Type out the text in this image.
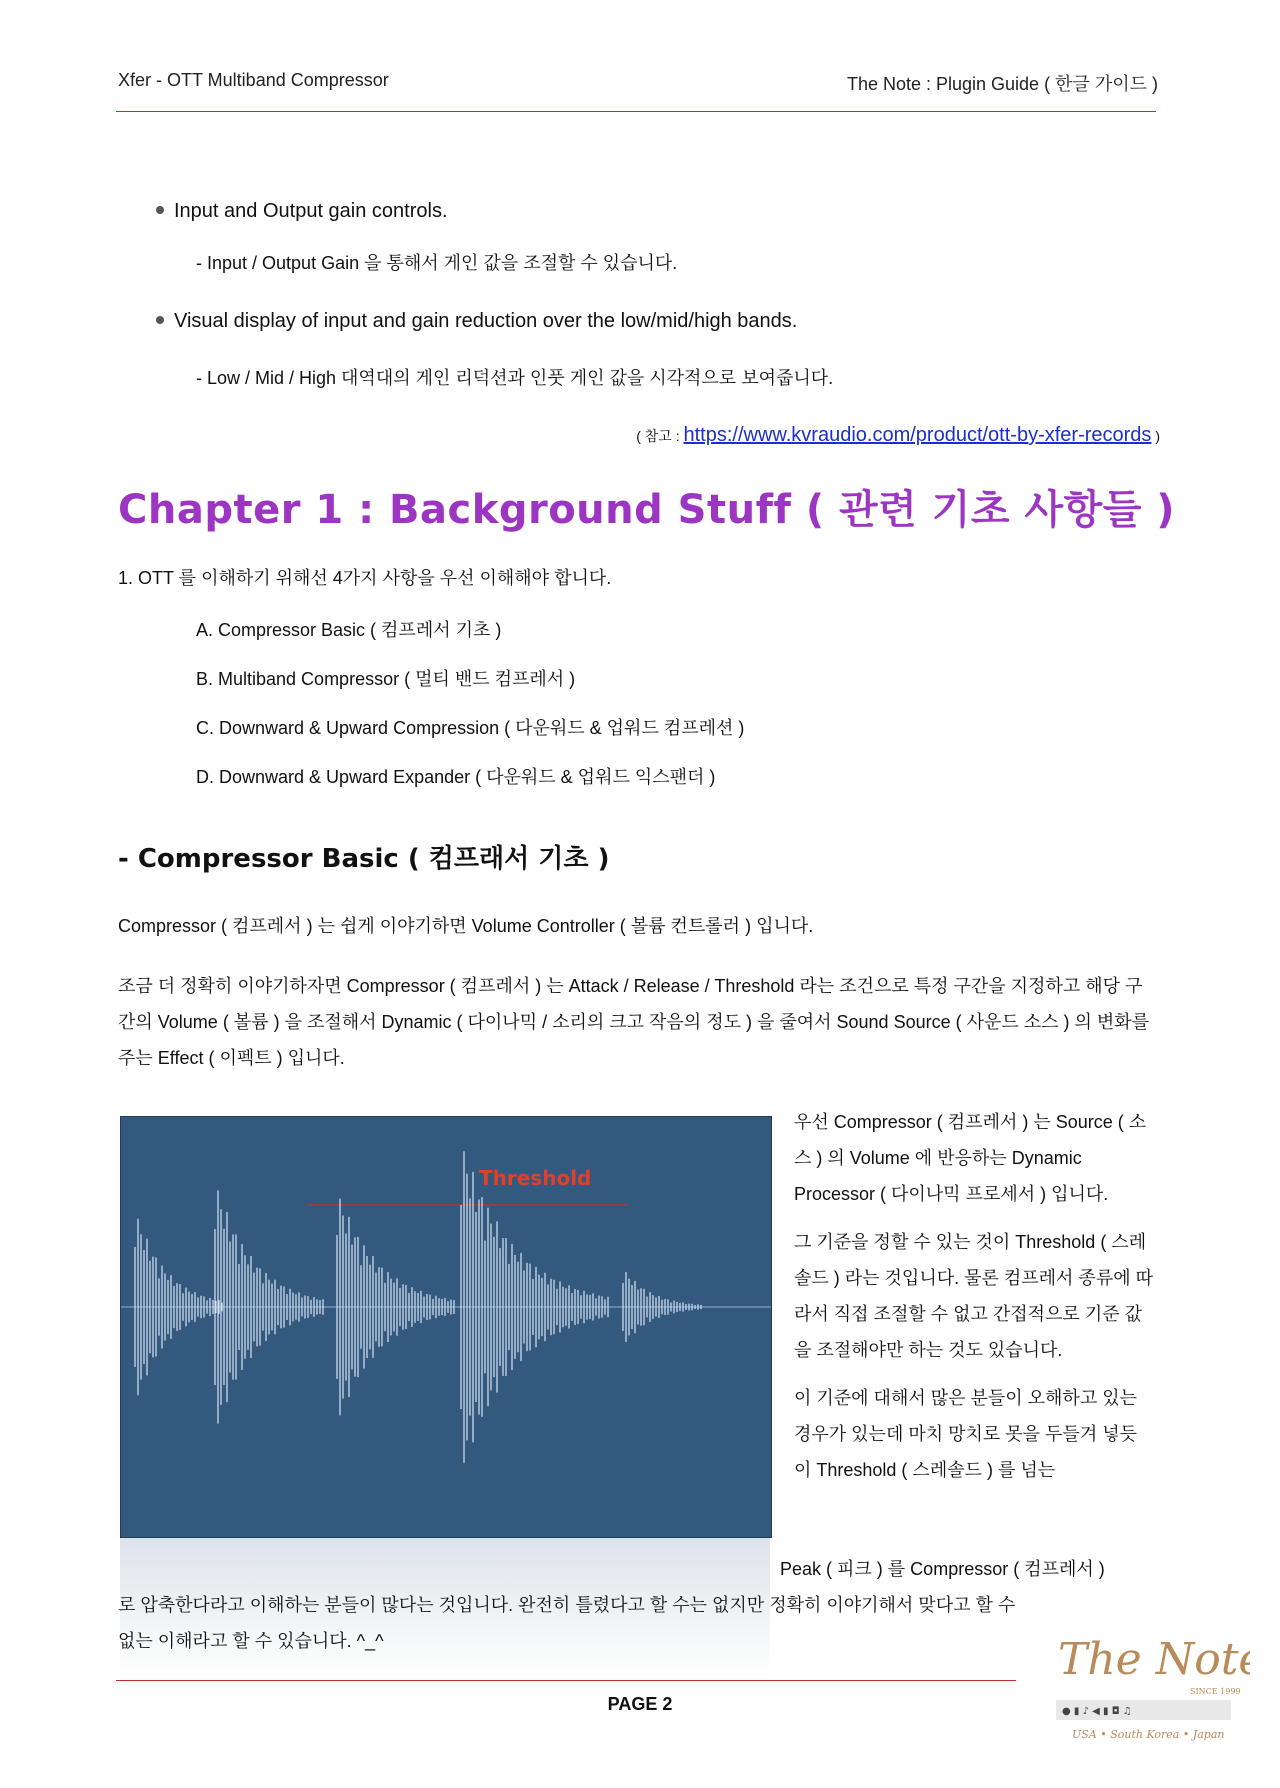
Xfer - OTT Multiband Compressor	The Note : Plugin Guide ( 한글 가이드 )
Input and Output gain controls.
- Input / Output Gain 을 통해서 게인 값을 조절할 수 있습니다.
Visual display of input and gain reduction over the low/mid/high bands.
- Low / Mid / High 대역대의 게인 리덕션과 인풋 게인 값을 시각적으로 보여줍니다.
( 참고 : https://www.kvraudio.com/product/ott-by-xfer-records )
Chapter 1 : Background Stuff ( 관련 기초 사항들 )
1. OTT 를 이해하기 위해선 4가지 사항을 우선 이해해야 합니다.
A. Compressor Basic ( 컴프레서 기초 )
B. Multiband Compressor ( 멀티 밴드 컴프레서 )
C. Downward & Upward Compression ( 다운워드 & 업워드 컴프레션 )
D. Downward & Upward Expander ( 다운워드 & 업워드 익스팬더 )
- Compressor Basic ( 컴프래서 기초 )
Compressor ( 컴프레서 ) 는 쉽게 이야기하면 Volume Controller ( 볼륨 컨트롤러 ) 입니다.
조금 더 정확히 이야기하자면 Compressor ( 컴프레서 ) 는 Attack / Release / Threshold 라는 조건으로 특정 구간을 지정하고 해당 구간의 Volume ( 볼륨 ) 을 조절해서 Dynamic ( 다이나믹 / 소리의 크고 작음의 정도 ) 을 줄여서 Sound Source ( 사운드 소스 ) 의 변화를 주는 Effect ( 이펙트 ) 입니다.
Threshold

우선 Compressor ( 컴프레서 ) 는 Source ( 소스 ) 의 Volume 에 반응하는 Dynamic Processor ( 다이나믹 프로세서 ) 입니다.

그 기준을 정할 수 있는 것이 Threshold ( 스레솔드 ) 라는 것입니다. 물론 컴프레서 종류에 따라서 직접 조절할 수 없고 간접적으로 기준 값을 조절해야만 하는 것도 있습니다.

이 기준에 대해서 많은 분들이 오해하고 있는 경우가 있는데 마치 망치로 못을 두들겨 넣듯이 Threshold ( 스레솔드 ) 를 넘는

Peak ( 피크 ) 를 Compressor ( 컴프레서 )
로 압축한다라고 이해하는 분들이 많다는 것입니다. 완전히 틀렸다고 할 수는 없지만 정확히 이야기해서 맞다고 할 수
없는 이해라고 할 수 있습니다. ^_^
PAGE 2
The Note
SINCE 1999
● ▮ ♪ ◀ ▮ ◘ ♫
USA • South Korea • Japan
